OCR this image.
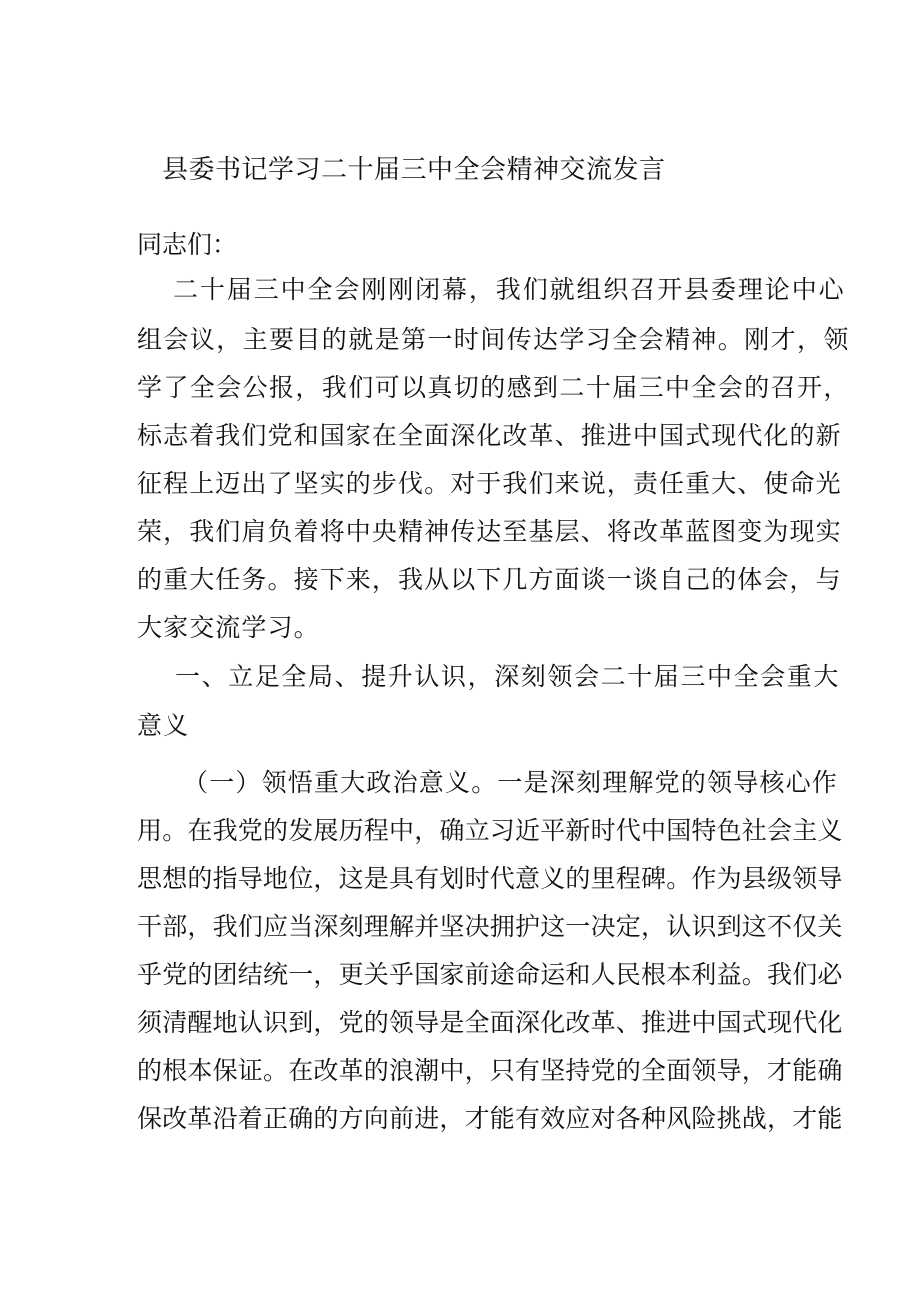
县委书记学习二十届三中全会精神交流发言
同志们：
二十届三中全会刚刚闭幕，我们就组织召开县委理论中心
组会议，主要目的就是第一时间传达学习全会精神。刚才，领
学了全会公报，我们可以真切的感到二十届三中全会的召开，
标志着我们党和国家在全面深化改革、推进中国式现代化的新
征程上迈出了坚实的步伐。对于我们来说，责任重大、使命光
荣，我们肩负着将中央精神传达至基层、将改革蓝图变为现实
的重大任务。接下来，我从以下几方面谈一谈自己的体会，与
大家交流学习。
一、立足全局、提升认识，深刻领会二十届三中全会重大
意义
（一）领悟重大政治意义。一是深刻理解党的领导核心作
用。在我党的发展历程中，确立习近平新时代中国特色社会主义
思想的指导地位，这是具有划时代意义的里程碑。作为县级领导
干部，我们应当深刻理解并坚决拥护这一决定，认识到这不仅关
乎党的团结统一，更关乎国家前途命运和人民根本利益。我们必
须清醒地认识到，党的领导是全面深化改革、推进中国式现代化
的根本保证。在改革的浪潮中，只有坚持党的全面领导，才能确
保改革沿着正确的方向前进，才能有效应对各种风险挑战，才能
